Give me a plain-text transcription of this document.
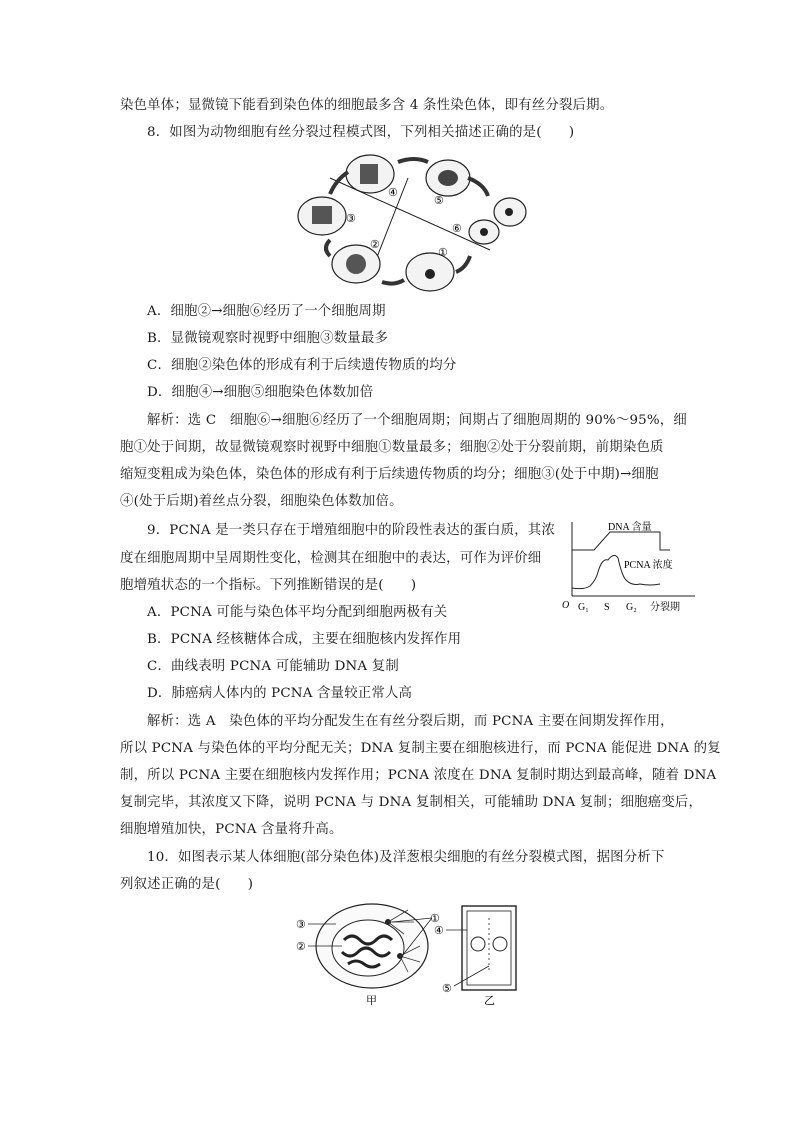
染色单体；显微镜下能看到染色体的细胞最多含 4 条性染色体，即有丝分裂后期。
8．如图为动物细胞有丝分裂过程模式图，下列相关描述正确的是(　　)
④
⑤
③
⑥
②
①
A．细胞②→细胞⑥经历了一个细胞周期
B．显微镜观察时视野中细胞③数量最多
C．细胞②染色体的形成有利于后续遗传物质的均分
D．细胞④→细胞⑤细胞染色体数加倍
解析：选 C　细胞⑥→细胞⑥经历了一个细胞周期；间期占了细胞周期的 90%～95%，细
胞①处于间期，故显微镜观察时视野中细胞①数量最多；细胞②处于分裂前期，前期染色质
缩短变粗成为染色体，染色体的形成有利于后续遗传物质的均分；细胞③(处于中期)→细胞
④(处于后期)着丝点分裂，细胞染色体数加倍。
9．PCNA 是一类只存在于增殖细胞中的阶段性表达的蛋白质，其浓
度在细胞周期中呈周期性变化，检测其在细胞中的表达，可作为评价细
胞增殖状态的一个指标。下列推断错误的是(　　)
DNA 含量
PCNA 浓度
O G₁ S G₂ 分裂期
A．PCNA 可能与染色体平均分配到细胞两极有关
B．PCNA 经核糖体合成，主要在细胞核内发挥作用
C．曲线表明 PCNA 可能辅助 DNA 复制
D．肺癌病人体内的 PCNA 含量较正常人高
解析：选 A　染色体的平均分配发生在有丝分裂后期，而 PCNA 主要在间期发挥作用，
所以 PCNA 与染色体的平均分配无关；DNA 复制主要在细胞核进行，而 PCNA 能促进 DNA 的复
制，所以 PCNA 主要在细胞核内发挥作用；PCNA 浓度在 DNA 复制时期达到最高峰，随着 DNA
复制完毕，其浓度又下降，说明 PCNA 与 DNA 复制相关，可能辅助 DNA 复制；细胞癌变后，
细胞增殖加快，PCNA 含量将升高。
10．如图表示某人体细胞(部分染色体)及洋葱根尖细胞的有丝分裂模式图，据图分析下
列叙述正确的是(　　)
③
②
①
④
⑤
甲	乙
